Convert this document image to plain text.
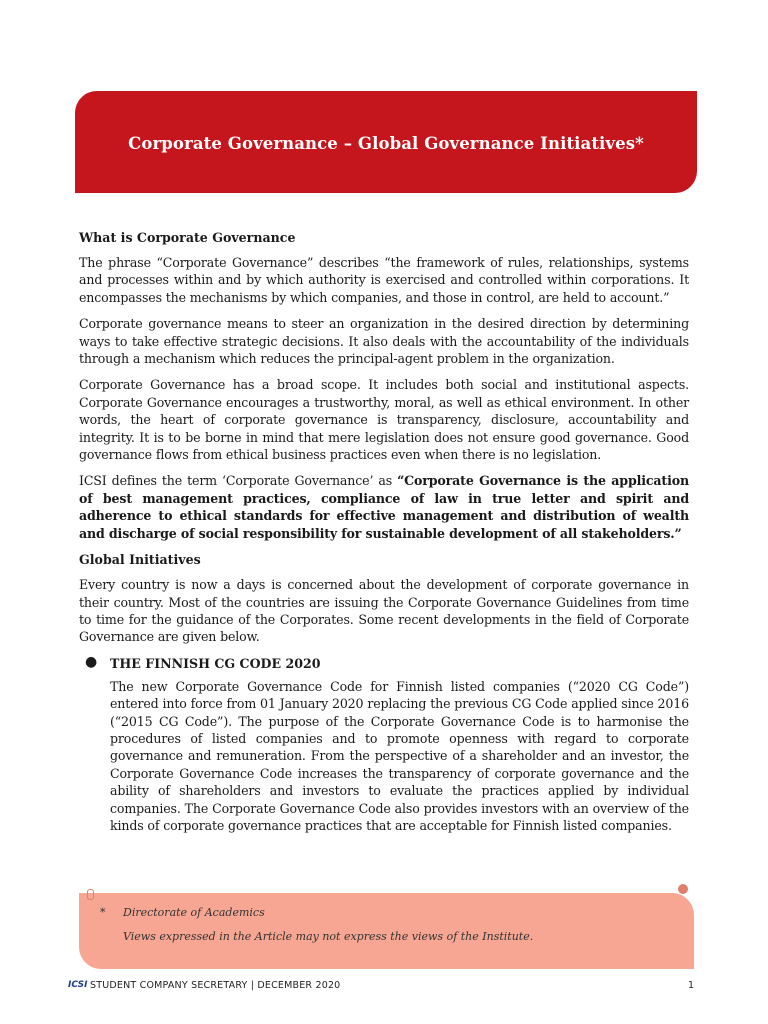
Corporate Governance – Global Governance Initiatives*
What is Corporate Governance
The phrase “Corporate Governance” describes “the framework of rules, relationships, systems and processes within and by which authority is exercised and controlled within corporations. It encompasses the mechanisms by which companies, and those in control, are held to account.”
Corporate governance means to steer an organization in the desired direction by determining ways to take effective strategic decisions. It also deals with the accountability of the individuals through a mechanism which reduces the principal-agent problem in the organization.
Corporate Governance has a broad scope. It includes both social and institutional aspects. Corporate Governance encourages a trustworthy, moral, as well as ethical environment. In other words, the heart of corporate governance is transparency, disclosure, accountability and integrity. It is to be borne in mind that mere legislation does not ensure good governance. Good governance flows from ethical business practices even when there is no legislation.
ICSI defines the term ‘Corporate Governance’ as “Corporate Governance is the application of best management practices, compliance of law in true letter and spirit and adherence to ethical standards for effective management and distribution of wealth and discharge of social responsibility for sustainable development of all stakeholders.”
Global Initiatives
Every country is now a days is concerned about the development of corporate governance in their country. Most of the countries are issuing the Corporate Governance Guidelines from time to time for the guidance of the Corporates. Some recent developments in the field of Corporate Governance are given below.
● THE FINNISH CG CODE 2020
The new Corporate Governance Code for Finnish listed companies (“2020 CG Code”) entered into force from 01 January 2020 replacing the previous CG Code applied since 2016 (“2015 CG Code”). The purpose of the Corporate Governance Code is to harmonise the procedures of listed companies and to promote openness with regard to corporate governance and remuneration. From the perspective of a shareholder and an investor, the Corporate Governance Code increases the transparency of corporate governance and the ability of shareholders and investors to evaluate the practices applied by individual companies. The Corporate Governance Code also provides investors with an overview of the kinds of corporate governance practices that are acceptable for Finnish listed companies.
* Directorate of Academics
Views expressed in the Article may not express the views of the Institute.
ICSI STUDENT COMPANY SECRETARY | DECEMBER 2020	1
